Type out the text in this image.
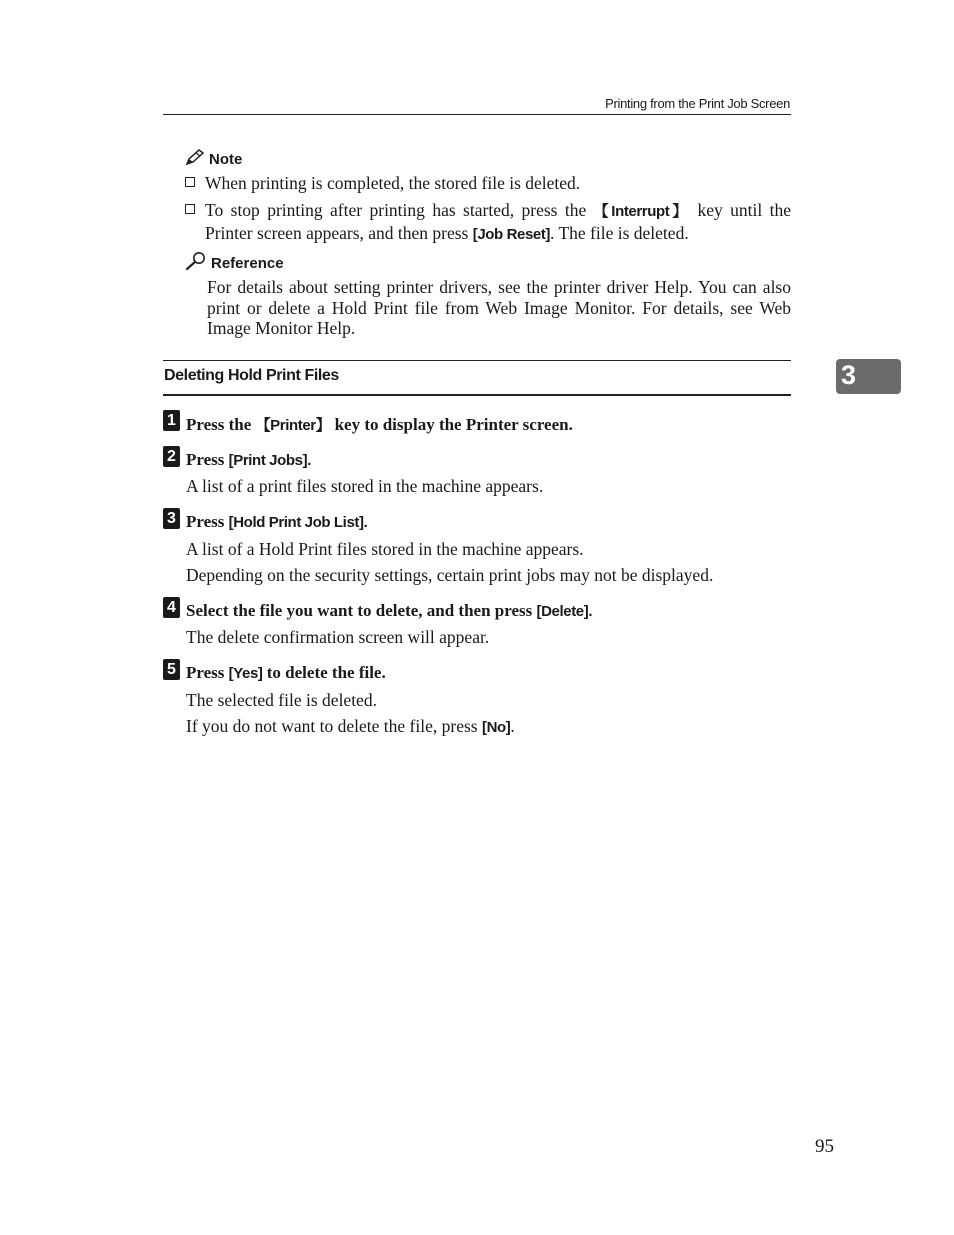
Printing from the Print Job Screen
Note
When printing is completed, the stored file is deleted.
To stop printing after printing has started, press the 【Interrupt】 key until the Printer screen appears, and then press [Job Reset]. The file is deleted.
Reference
For details about setting printer drivers, see the printer driver Help. You can also print or delete a Hold Print file from Web Image Monitor. For details, see Web Image Monitor Help.
Deleting Hold Print Files	3
1 Press the 【Printer】 key to display the Printer screen.
2 Press [Print Jobs].
A list of a print files stored in the machine appears.
3 Press [Hold Print Job List].
A list of a Hold Print files stored in the machine appears.
Depending on the security settings, certain print jobs may not be displayed.
4 Select the file you want to delete, and then press [Delete].
The delete confirmation screen will appear.
5 Press [Yes] to delete the file.
The selected file is deleted.
If you do not want to delete the file, press [No].
95
